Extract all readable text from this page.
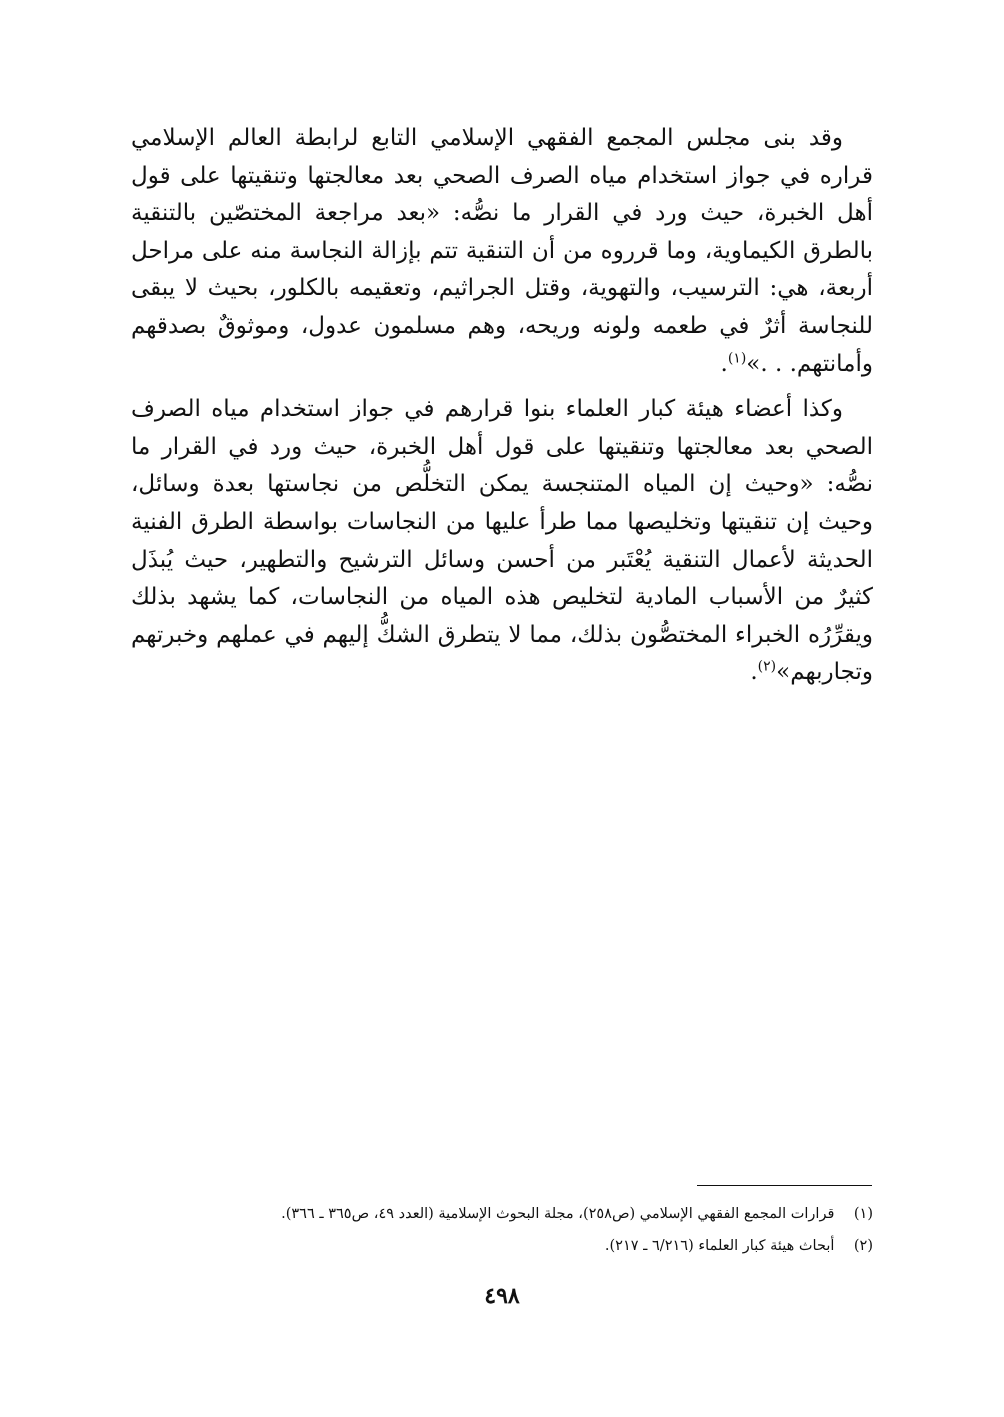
وقد بنى مجلس المجمع الفقهي الإسلامي التابع لرابطة العالم الإسلامي قراره في جواز استخدام مياه الصرف الصحي بعد معالجتها وتنقيتها على قول أهل الخبرة، حيث ورد في القرار ما نصُّه: «بعد مراجعة المختصّين بالتنقية بالطرق الكيماوية، وما قرروه من أن التنقية تتم بإزالة النجاسة منه على مراحل أربعة، هي: الترسيب، والتهوية، وقتل الجراثيم، وتعقيمه بالكلور، بحيث لا يبقى للنجاسة أثرٌ في طعمه ولونه وريحه، وهم مسلمون عدول، وموثوقٌ بصدقهم وأمانتهم. . .»$^{(١)}$.

وكذا أعضاء هيئة كبار العلماء بنوا قرارهم في جواز استخدام مياه الصرف الصحي بعد معالجتها وتنقيتها على قول أهل الخبرة، حيث ورد في القرار ما نصُّه: «وحيث إن المياه المتنجسة يمكن التخلُّص من نجاستها بعدة وسائل، وحيث إن تنقيتها وتخليصها مما طرأ عليها من النجاسات بواسطة الطرق الفنية الحديثة لأعمال التنقية يُعْتَبر من أحسن وسائل الترشيح والتطهير، حيث يُبذَل كثيرٌ من الأسباب المادية لتخليص هذه المياه من النجاسات، كما يشهد بذلك ويقرِّرُه الخبراء المختصُّون بذلك، مما لا يتطرق الشكُّ إليهم في عملهم وخبرتهم وتجاربهم»$^{(٢)}$.

(١) قرارات المجمع الفقهي الإسلامي (ص٢٥٨)، مجلة البحوث الإسلامية (العدد ٤٩، ص٣٦٥ ـ ٣٦٦).
(٢) أبحاث هيئة كبار العلماء (٦/٢١٦ ـ ٢١٧).
٤٩٨
